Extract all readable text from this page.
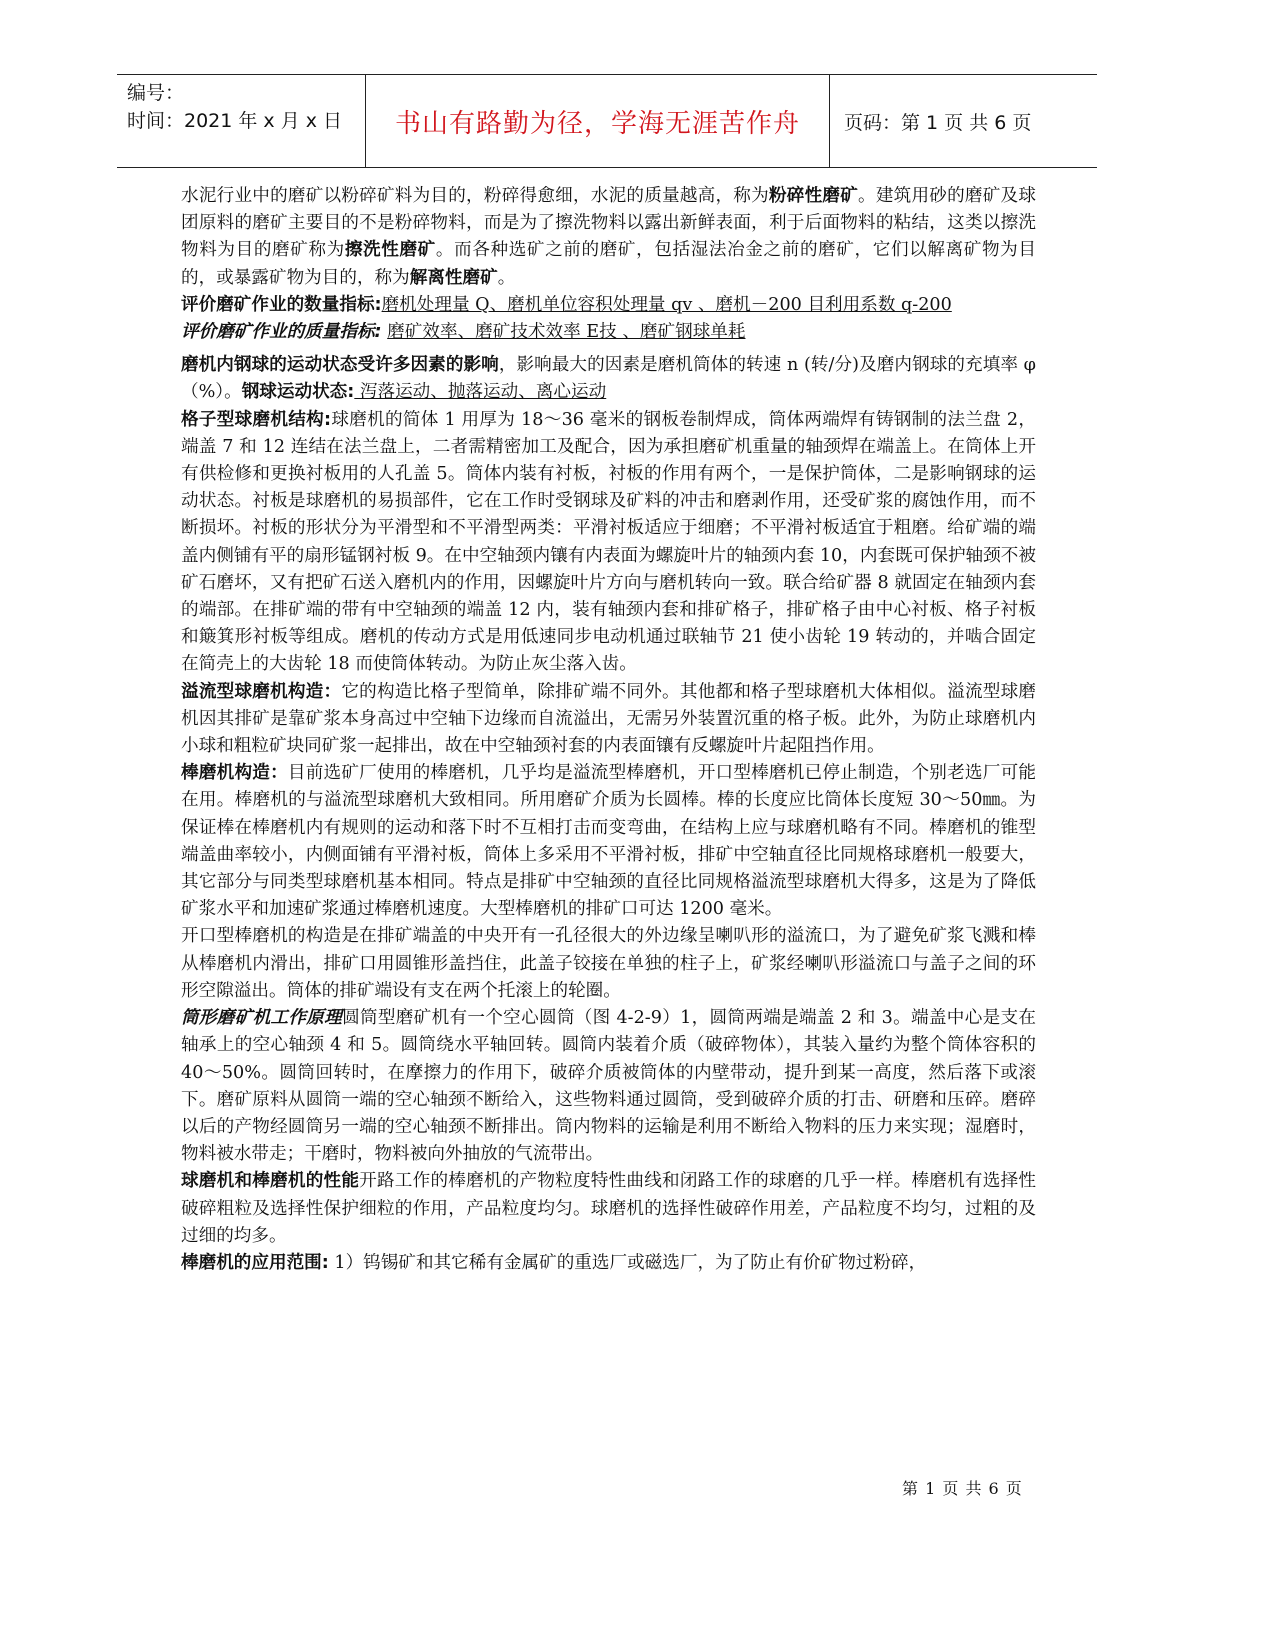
编号：
时间：2021 年 x 月 x 日	书山有路勤为径，学海无涯苦作舟 页码：第 1 页 共 6 页

水泥行业中的磨矿以粉碎矿料为目的，粉碎得愈细，水泥的质量越高，称为粉碎性磨矿。建筑用砂的磨矿及球团原料的磨矿主要目的不是粉碎物料，而是为了擦洗物料以露出新鲜表面，利于后面物料的粘结，这类以擦洗物料为目的磨矿称为擦洗性磨矿。而各种选矿之前的磨矿，包括湿法冶金之前的磨矿，它们以解离矿物为目的，或暴露矿物为目的，称为解离性磨矿。

评价磨矿作业的数量指标:磨机处理量 Q、磨机单位容积处理量 qv 、磨机－200 目利用系数 q-200

评价磨矿作业的质量指标: 磨矿效率、磨矿技术效率 E技 、磨矿钢球单耗

磨机内钢球的运动状态受许多因素的影响，影响最大的因素是磨机筒体的转速 n (转/分)及磨内钢球的充填率 φ（%）。钢球运动状态: 泻落运动、抛落运动、离心运动

格子型球磨机结构:球磨机的简体 1 用厚为 18～36 毫米的钢板卷制焊成，筒体两端焊有铸钢制的法兰盘 2，端盖 7 和 12 连结在法兰盘上，二者需精密加工及配合，因为承担磨矿机重量的轴颈焊在端盖上。在筒体上开有供检修和更换衬板用的人孔盖 5。筒体内装有衬板，衬板的作用有两个，一是保护筒体，二是影响钢球的运动状态。衬板是球磨机的易损部件，它在工作时受钢球及矿料的冲击和磨剥作用，还受矿浆的腐蚀作用，而不断损坏。衬板的形状分为平滑型和不平滑型两类：平滑衬板适应于细磨；不平滑衬板适宜于粗磨。给矿端的端盖内侧铺有平的扇形锰钢衬板 9。在中空轴颈内镶有内表面为螺旋叶片的轴颈内套 10，内套既可保护轴颈不被矿石磨坏，又有把矿石送入磨机内的作用，因螺旋叶片方向与磨机转向一致。联合给矿器 8 就固定在轴颈内套的端部。在排矿端的带有中空轴颈的端盖 12 内，装有轴颈内套和排矿格子，排矿格子由中心衬板、格子衬板和簸箕形衬板等组成。磨机的传动方式是用低速同步电动机通过联轴节 21 使小齿轮 19 转动的，并啮合固定在简壳上的大齿轮 18 而使筒体转动。为防止灰尘落入齿。

溢流型球磨机构造：它的构造比格子型简单，除排矿端不同外。其他都和格子型球磨机大体相似。溢流型球磨机因其排矿是靠矿浆本身高过中空轴下边缘而自流溢出，无需另外装置沉重的格子板。此外，为防止球磨机内小球和粗粒矿块同矿浆一起排出，故在中空轴颈衬套的内表面镶有反螺旋叶片起阻挡作用。

棒磨机构造：目前选矿厂使用的棒磨机，几乎均是溢流型棒磨机，开口型棒磨机已停止制造，个别老选厂可能在用。棒磨机的与溢流型球磨机大致相同。所用磨矿介质为长圆棒。棒的长度应比筒体长度短 30～50㎜。为保证棒在棒磨机内有规则的运动和落下时不互相打击而变弯曲，在结构上应与球磨机略有不同。棒磨机的锥型端盖曲率较小，内侧面铺有平滑衬板，筒体上多采用不平滑衬板，排矿中空轴直径比同规格球磨机一般要大，其它部分与同类型球磨机基本相同。特点是排矿中空轴颈的直径比同规格溢流型球磨机大得多，这是为了降低矿浆水平和加速矿浆通过棒磨机速度。大型棒磨机的排矿口可达 1200 毫米。

开口型棒磨机的构造是在排矿端盖的中央开有一孔径很大的外边缘呈喇叭形的溢流口，为了避免矿浆飞溅和棒从棒磨机内滑出，排矿口用圆锥形盖挡住，此盖子铰接在单独的柱子上，矿浆经喇叭形溢流口与盖子之间的环形空隙溢出。筒体的排矿端设有支在两个托滚上的轮圈。

筒形磨矿机工作原理圆筒型磨矿机有一个空心圆筒（图 4-2-9）1，圆筒两端是端盖 2 和 3。端盖中心是支在轴承上的空心轴颈 4 和 5。圆筒绕水平轴回转。圆筒内装着介质（破碎物体），其装入量约为整个筒体容积的 40～50%。圆筒回转时，在摩擦力的作用下，破碎介质被筒体的内壁带动，提升到某一高度，然后落下或滚下。磨矿原料从圆筒一端的空心轴颈不断给入，这些物料通过圆筒，受到破碎介质的打击、研磨和压碎。磨碎以后的产物经圆筒另一端的空心轴颈不断排出。筒内物料的运输是利用不断给入物料的压力来实现；湿磨时，物料被水带走；干磨时，物料被向外抽放的气流带出。

球磨机和棒磨机的性能开路工作的棒磨机的产物粒度特性曲线和闭路工作的球磨的几乎一样。棒磨机有选择性破碎粗粒及选择性保护细粒的作用，产品粒度均匀。球磨机的选择性破碎作用差，产品粒度不均匀，过粗的及过细的均多。

棒磨机的应用范围: 1）钨锡矿和其它稀有金属矿的重选厂或磁选厂，为了防止有价矿物过粉碎，

第 1 页 共 6 页
